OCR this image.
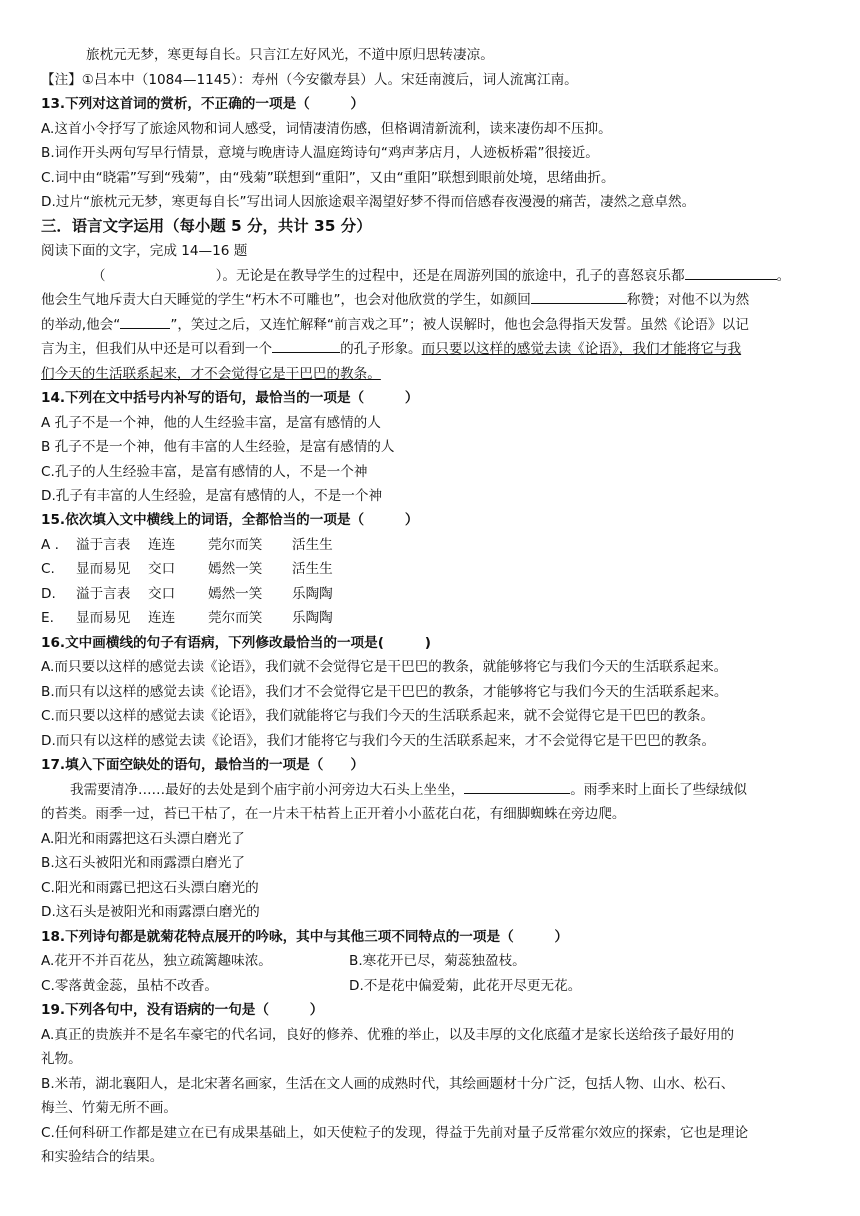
旅枕元无梦，寒更每自长。只言江左好风光，不道中原归思转凄凉。
【注】①吕本中（1084—1145）：寿州（今安徽寿县）人。宋廷南渡后，词人流寓江南。
13.下列对这首词的赏析，不正确的一项是（　　　）
A.这首小令抒写了旅途风物和词人感受，词情凄清伤感，但格调清新流利，读来凄伤却不压抑。
B.词作开头两句写早行情景，意境与晚唐诗人温庭筠诗句“鸡声茅店月，人迹板桥霜”很接近。
C.词中由“晓霜”写到“残菊”，由“残菊”联想到“重阳”，又由“重阳”联想到眼前处境，思绪曲折。
D.过片“旅枕元无梦，寒更每自长”写出词人因旅途艰辛渴望好梦不得而倍感春夜漫漫的痛苦，凄然之意卓然。
三．语言文字运用（每小题 5 分，共计 35 分）
阅读下面的文字，完成 14—16 题
（	）。无论是在教导学生的过程中，还是在周游列国的旅途中，孔子的喜怒哀乐都	。
他会生气地斥责大白天睡觉的学生“朽木不可雕也”，也会对他欣赏的学生，如颜回	称赞；对他不以为然
的举动,他会“	”，笑过之后，又连忙解释“前言戏之耳”；被人误解时，他也会急得指天发誓。虽然《论语》以记
言为主，但我们从中还是可以看到一个	的孔子形象。而只要以这样的感觉去读《论语》，我们才能将它与我
们今天的生活联系起来，才不会觉得它是干巴巴的教条。
14.下列在文中括号内补写的语句，最恰当的一项是（　　　）
A 孔子不是一个神，他的人生经验丰富，是富有感情的人
B 孔子不是一个神，他有丰富的人生经验，是富有感情的人
C.孔子的人生经验丰富，是富有感情的人，不是一个神
D.孔子有丰富的人生经验，是富有感情的人，不是一个神
15.依次填入文中横线上的词语，全都恰当的一项是（　　　）
A . 溢于言表 连连 莞尔而笑 活生生
C. 显而易见 交口 嫣然一笑 活生生
D. 溢于言表 交口 嫣然一笑 乐陶陶
E. 显而易见 连连 莞尔而笑 乐陶陶
16.文中画横线的句子有语病，下列修改最恰当的一项是(　　　)
A.而只要以这样的感觉去读《论语》，我们就不会觉得它是干巴巴的教条，就能够将它与我们今天的生活联系起来。
B.而只有以这样的感觉去读《论语》，我们才不会觉得它是干巴巴的教条，才能够将它与我们今天的生活联系起来。
C.而只要以这样的感觉去读《论语》，我们就能将它与我们今天的生活联系起来，就不会觉得它是干巴巴的教条。
D.而只有以这样的感觉去读《论语》，我们才能将它与我们今天的生活联系起来，才不会觉得它是干巴巴的教条。
17.填入下面空缺处的语句，最恰当的一项是（　　）
我需要清净……最好的去处是到个庙宇前小河旁边大石头上坐坐，	。雨季来时上面长了些绿绒似
的苔类。雨季一过，苔已干枯了，在一片未干枯苔上正开着小小蓝花白花，有细脚蜘蛛在旁边爬。
A.阳光和雨露把这石头漂白磨光了
B.这石头被阳光和雨露漂白磨光了
C.阳光和雨露已把这石头漂白磨光的
D.这石头是被阳光和雨露漂白磨光的
18.下列诗句都是就菊花特点展开的吟咏，其中与其他三项不同特点的一项是（　　　）
A.花开不并百花丛，独立疏篱趣味浓。	B.寒花开已尽，菊蕊独盈枝。
C.零落黄金蕊，虽枯不改香。	D.不是花中偏爱菊，此花开尽更无花。
19.下列各句中，没有语病的一句是（　　　）
A.真正的贵族并不是名车豪宅的代名词，良好的修养、优雅的举止，以及丰厚的文化底蕴才是家长送给孩子最好用的
礼物。
B.米芾，湖北襄阳人，是北宋著名画家，生活在文人画的成熟时代，其绘画题材十分广泛，包括人物、山水、松石、
梅兰、竹菊无所不画。
C.任何科研工作都是建立在已有成果基础上，如天使粒子的发现，得益于先前对量子反常霍尔效应的探索，它也是理论
和实验结合的结果。
